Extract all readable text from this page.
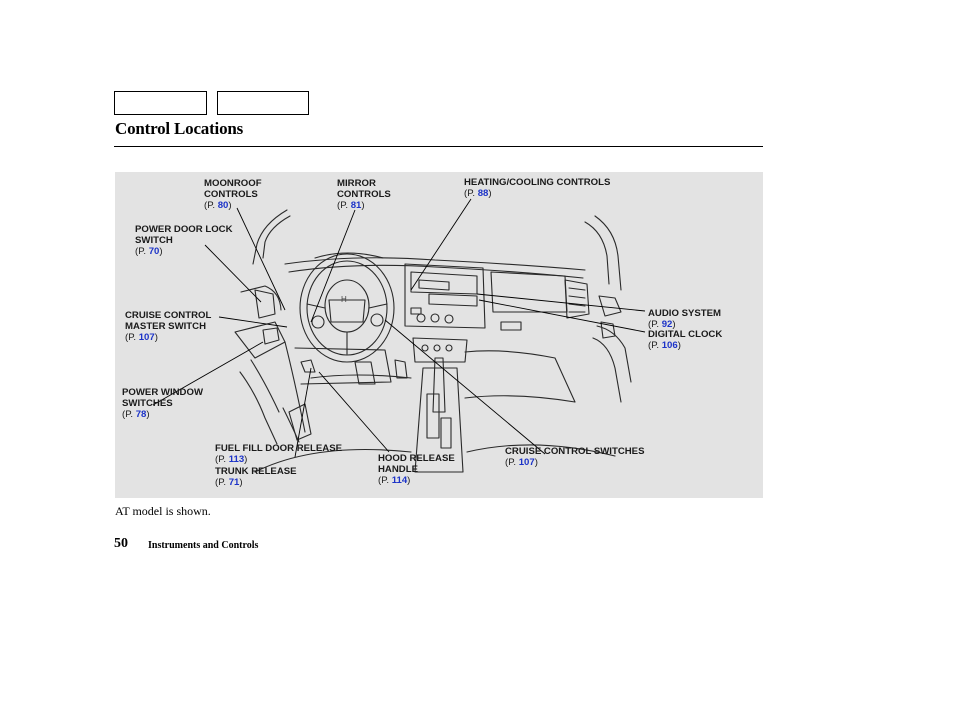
Control Locations
H
MOONROOF
CONTROLS
(P. 80)
MIRROR
CONTROLS
(P. 81)
HEATING/COOLING CONTROLS
(P. 88)
POWER DOOR LOCK
SWITCH
(P. 70)
CRUISE CONTROL
MASTER SWITCH
(P. 107)
AUDIO SYSTEM
(P. 92)
DIGITAL CLOCK
(P. 106)
POWER WINDOW
SWITCHES
(P. 78)
FUEL FILL DOOR RELEASE
(P. 113)
TRUNK RELEASE
(P. 71)
HOOD RELEASE
HANDLE
(P. 114)
CRUISE CONTROL SWITCHES
(P. 107)
AT model is shown.
50 Instruments and Controls
